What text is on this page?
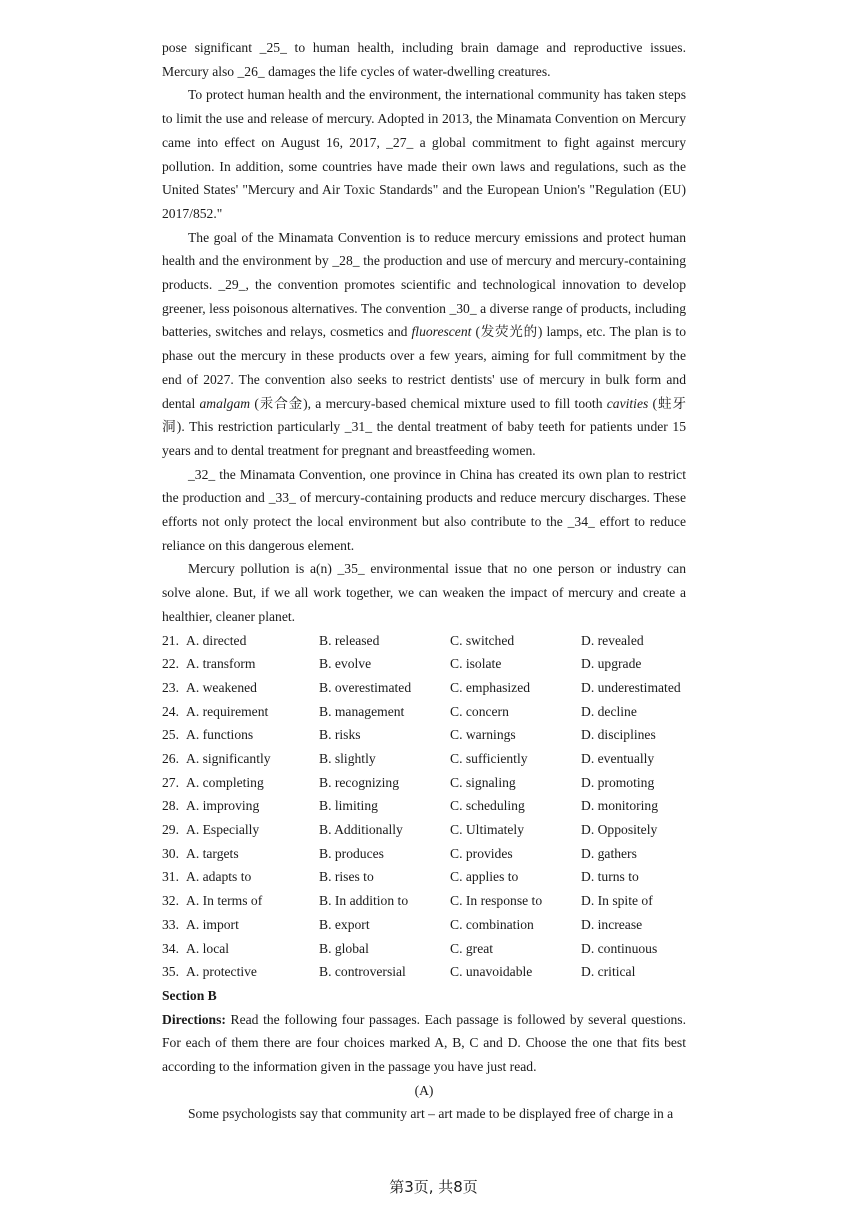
pose significant _25_ to human health, including brain damage and reproductive issues. Mercury also _26_ damages the life cycles of water-dwelling creatures.

To protect human health and the environment, the international community has taken steps to limit the use and release of mercury. Adopted in 2013, the Minamata Convention on Mercury came into effect on August 16, 2017, _27_ a global commitment to fight against mercury pollution. In addition, some countries have made their own laws and regulations, such as the United States' "Mercury and Air Toxic Standards" and the European Union's "Regulation (EU) 2017/852."

The goal of the Minamata Convention is to reduce mercury emissions and protect human health and the environment by _28_ the production and use of mercury and mercury-containing products. _29_, the convention promotes scientific and technological innovation to develop greener, less poisonous alternatives. The convention _30_ a diverse range of products, including batteries, switches and relays, cosmetics and fluorescent (发荧光的) lamps, etc. The plan is to phase out the mercury in these products over a few years, aiming for full commitment by the end of 2027. The convention also seeks to restrict dentists' use of mercury in bulk form and dental amalgam (汞合金), a mercury-based chemical mixture used to fill tooth cavities (蛀牙洞). This restriction particularly _31_ the dental treatment of baby teeth for patients under 15 years and to dental treatment for pregnant and breastfeeding women.

_32_ the Minamata Convention, one province in China has created its own plan to restrict the production and _33_ of mercury-containing products and reduce mercury discharges. These efforts not only protect the local environment but also contribute to the _34_ effort to reduce reliance on this dangerous element.

Mercury pollution is a(n) _35_ environmental issue that no one person or industry can solve alone. But, if we all work together, we can weaken the impact of mercury and create a healthier, cleaner planet.

21. A. directed	B. released	C. switched	D. revealed
22. A. transform	B. evolve	C. isolate	D. upgrade
23. A. weakened	B. overestimated	C. emphasized	D. underestimated
24. A. requirement	B. management	C. concern	D. decline
25. A. functions	B. risks	C. warnings	D. disciplines
26. A. significantly	B. slightly	C. sufficiently	D. eventually
27. A. completing	B. recognizing	C. signaling	D. promoting
28. A. improving	B. limiting	C. scheduling	D. monitoring
29. A. Especially	B. Additionally	C. Ultimately	D. Oppositely
30. A. targets	B. produces	C. provides	D. gathers
31. A. adapts to	B. rises to	C. applies to	D. turns to
32. A. In terms of	B. In addition to	C. In response to	D. In spite of
33. A. import	B. export	C. combination	D. increase
34. A. local	B. global	C. great	D. continuous
35. A. protective	B. controversial	C. unavoidable	D. critical

Section B

Directions: Read the following four passages. Each passage is followed by several questions. For each of them there are four choices marked A, B, C and D. Choose the one that fits best according to the information given in the passage you have just read.

(A)

Some psychologists say that community art – art made to be displayed free of charge in a

第3页, 共8页
